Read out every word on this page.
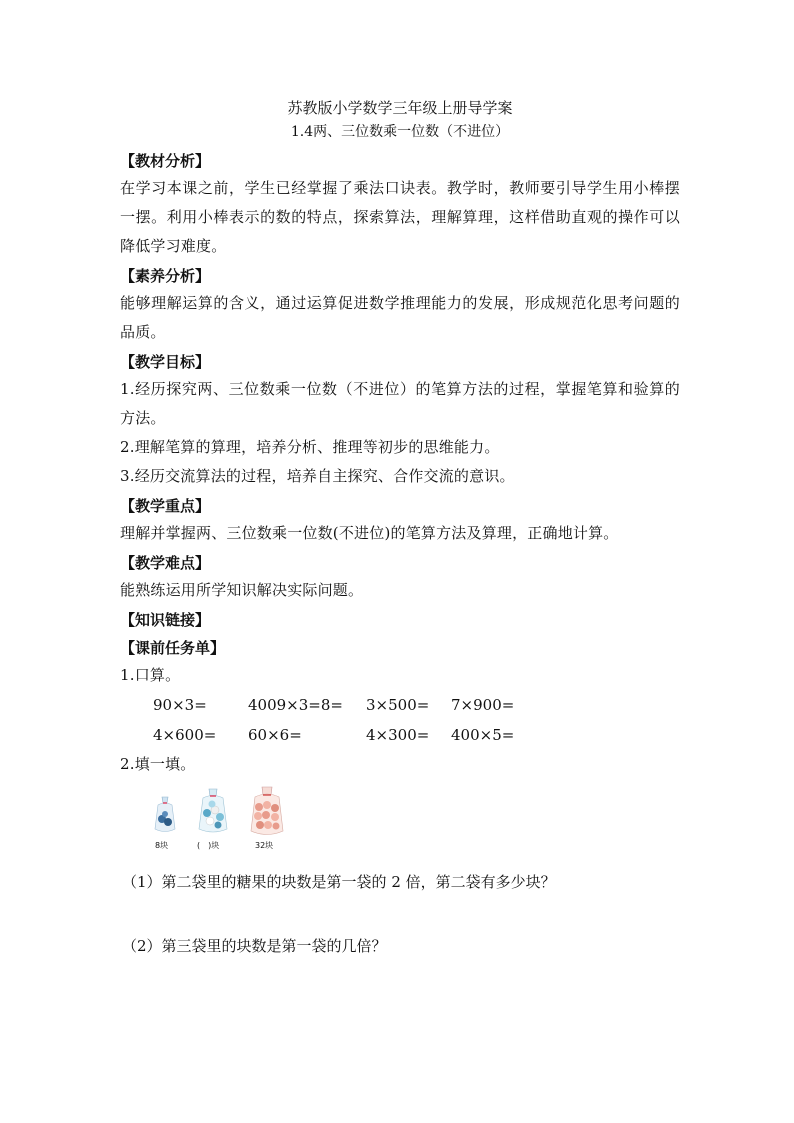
苏教版小学数学三年级上册导学案
1.4两、三位数乘一位数（不进位）
【教材分析】

在学习本课之前，学生已经掌握了乘法口诀表。教学时，教师要引导学生用小棒摆一摆。利用小棒表示的数的特点，探索算法，理解算理，这样借助直观的操作可以降低学习难度。

【素养分析】

能够理解运算的含义，通过运算促进数学推理能力的发展，形成规范化思考问题的品质。

【教学目标】

1.经历探究两、三位数乘一位数（不进位）的笔算方法的过程，掌握笔算和验算的方法。

2.理解笔算的算理，培养分析、推理等初步的思维能力。

3.经历交流算法的过程，培养自主探究、合作交流的意识。

【教学重点】

理解并掌握两、三位数乘一位数(不进位)的笔算方法及算理，正确地计算。

【教学难点】

能熟练运用所学知识解决实际问题。

【知识链接】
【课前任务单】

1.口算。

90×3=	4009×3=8=	3×500=	7×900=
4×600=	60×6=	4×300=	400×5=

2.填一填。

8块	(　)块	32块
（1）第二袋里的糖果的块数是第一袋的 2 倍，第二袋有多少块？
（2）第三袋里的块数是第一袋的几倍？
